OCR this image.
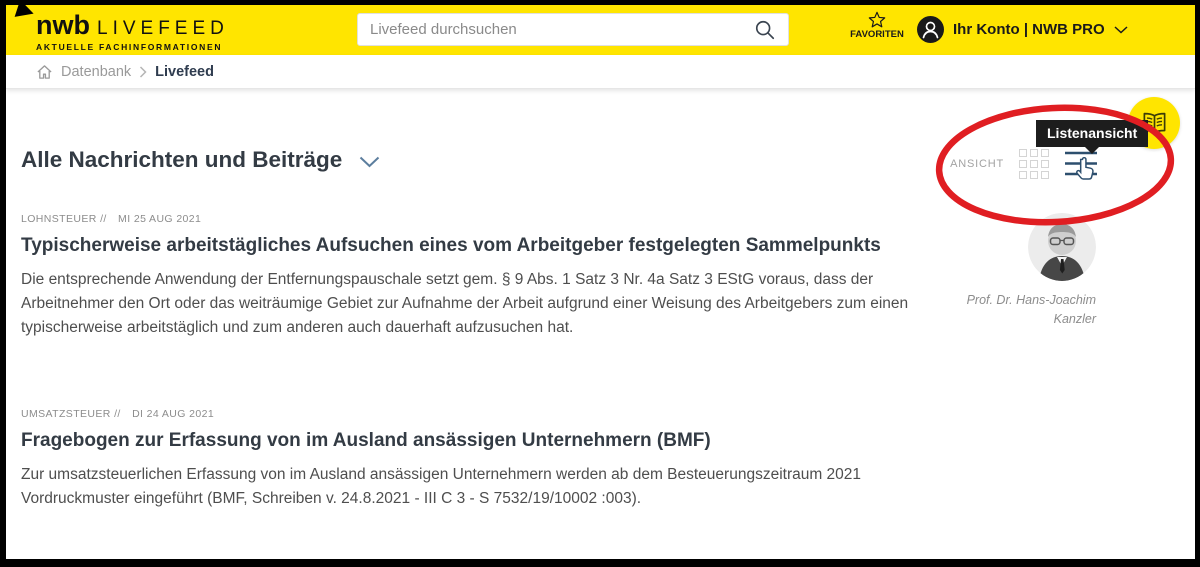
nwb LIVEFEED
AKTUELLE FACHINFORMATIONEN
Livefeed durchsuchen
FAVORITEN	Ihr Konto | NWB PRO
Datenbank Livefeed
Alle Nachrichten und Beiträge	ANSICHT
Listenansicht
LOHNSTEUER // MI 25 AUG 2021
Typischerweise arbeitstägliches Aufsuchen eines vom Arbeitgeber festgelegten Sammelpunkts

Die entsprechende Anwendung der Entfernungspauschale setzt gem. § 9 Abs. 1 Satz 3 Nr. 4a Satz 3 EStG voraus, dass der Arbeitnehmer den Ort oder das weiträumige Gebiet zur Aufnahme der Arbeit aufgrund einer Weisung des Arbeitgebers zum einen typischerweise arbeitstäglich und zum anderen auch dauerhaft aufzusuchen hat.

Prof. Dr. Hans-Joachim Kanzler
UMSATZSTEUER // DI 24 AUG 2021
Fragebogen zur Erfassung von im Ausland ansässigen Unternehmern (BMF)

Zur umsatzsteuerlichen Erfassung von im Ausland ansässigen Unternehmern werden ab dem Besteuerungszeitraum 2021 Vordruckmuster eingeführt (BMF, Schreiben v. 24.8.2021 - III C 3 - S 7532/19/10002 :003).
